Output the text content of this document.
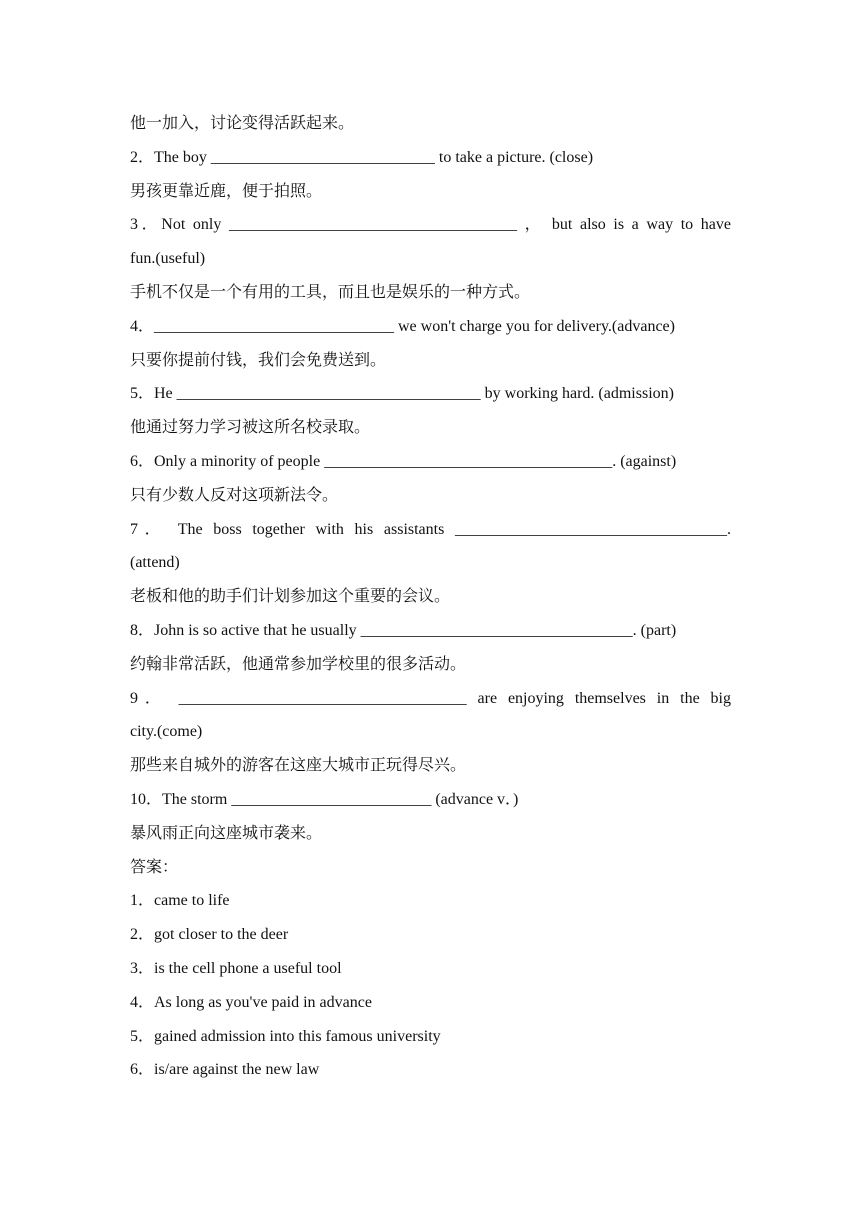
他一加入，讨论变得活跃起来。
2．The boy ____________________________ to take a picture. (close)
男孩更靠近鹿，便于拍照。
3．Not only ____________________________________ ， but also is a way to have
fun.(useful)
手机不仅是一个有用的工具，而且也是娱乐的一种方式。
4．______________________________ we won't charge you for delivery.(advance)
只要你提前付钱，我们会免费送到。
5．He ______________________________________ by working hard. (admission)
他通过努力学习被这所名校录取。
6．Only a minority of people ____________________________________. (against)
只有少数人反对这项新法令。
7． The boss together with his assistants __________________________________.
(attend)
老板和他的助手们计划参加这个重要的会议。
8．John is so active that he usually __________________________________. (part)
约翰非常活跃，他通常参加学校里的很多活动。
9． ____________________________________ are enjoying themselves in the big
city.(come)
那些来自城外的游客在这座大城市正玩得尽兴。
10．The storm _________________________ (advance v．)
暴风雨正向这座城市袭来。
答案：
1．came to life
2．got closer to the deer
3．is the cell phone a useful tool
4．As long as you've paid in advance
5．gained admission into this famous university
6．is/are against the new law
